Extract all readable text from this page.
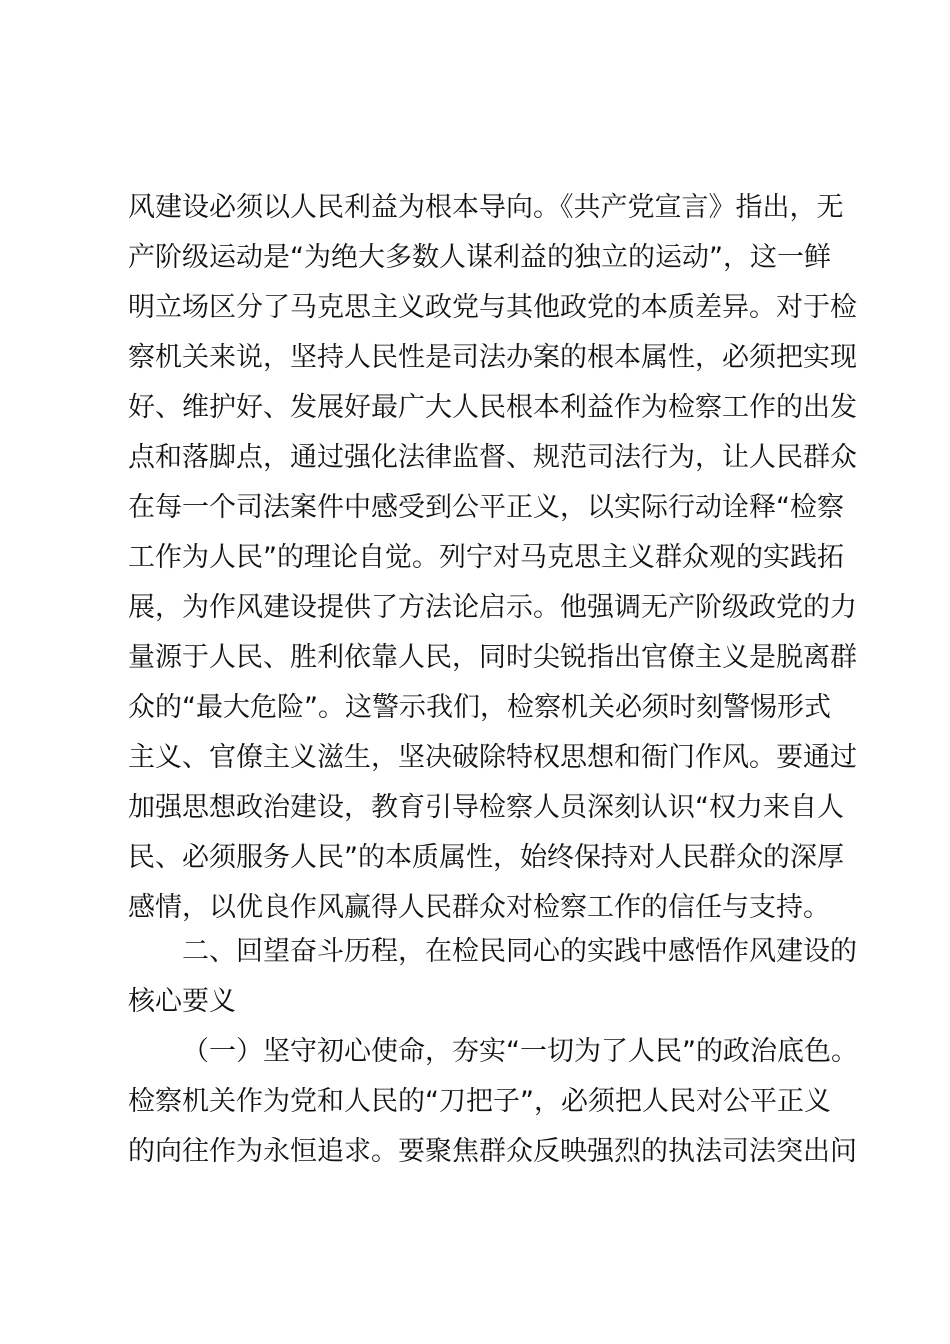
风建设必须以人民利益为根本导向。《共产党宣言》指出，无
产阶级运动是“为绝大多数人谋利益的独立的运动”，这一鲜
明立场区分了马克思主义政党与其他政党的本质差异。对于检
察机关来说，坚持人民性是司法办案的根本属性，必须把实现
好、维护好、发展好最广大人民根本利益作为检察工作的出发
点和落脚点，通过强化法律监督、规范司法行为，让人民群众
在每一个司法案件中感受到公平正义，以实际行动诠释“检察
工作为人民”的理论自觉。列宁对马克思主义群众观的实践拓
展，为作风建设提供了方法论启示。他强调无产阶级政党的力
量源于人民、胜利依靠人民，同时尖锐指出官僚主义是脱离群
众的“最大危险”。这警示我们，检察机关必须时刻警惕形式
主义、官僚主义滋生，坚决破除特权思想和衙门作风。要通过
加强思想政治建设，教育引导检察人员深刻认识“权力来自人
民、必须服务人民”的本质属性，始终保持对人民群众的深厚
感情，以优良作风赢得人民群众对检察工作的信任与支持。
二、回望奋斗历程，在检民同心的实践中感悟作风建设的
核心要义
（一）坚守初心使命，夯实“一切为了人民”的政治底色。
检察机关作为党和人民的“刀把子”，必须把人民对公平正义
的向往作为永恒追求。要聚焦群众反映强烈的执法司法突出问
